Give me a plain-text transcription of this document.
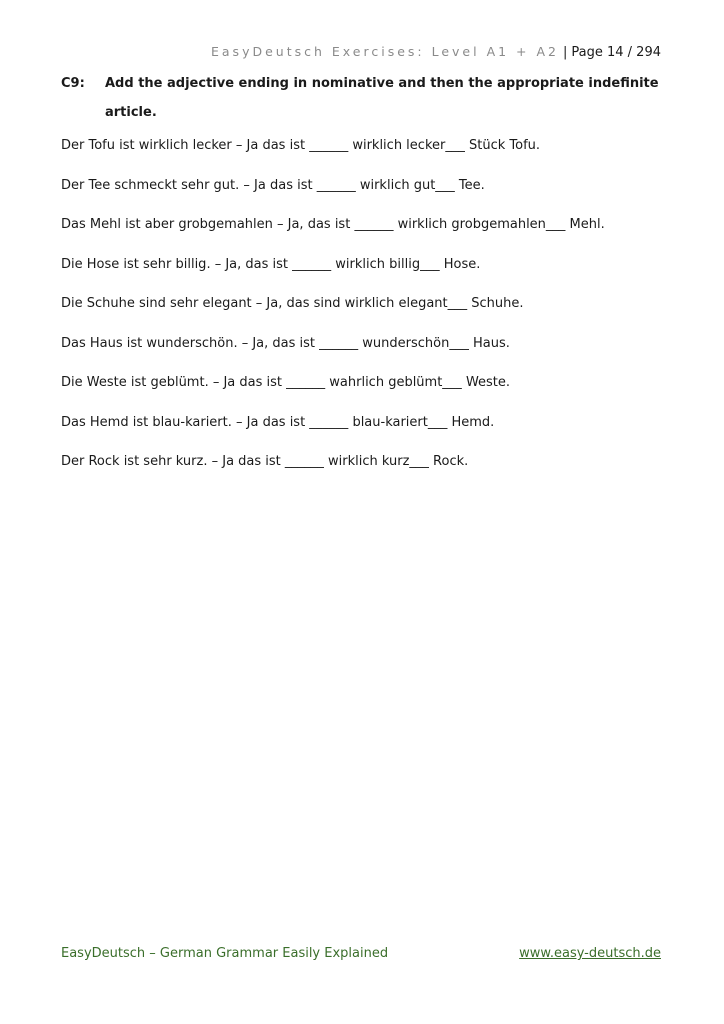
EasyDeutsch Exercises: Level A1 + A2 | Page 14 / 294
C9: Add the adjective ending in nominative and then the appropriate indefinite
article.
Der Tofu ist wirklich lecker – Ja das ist ______ wirklich lecker___ Stück Tofu.
Der Tee schmeckt sehr gut. – Ja das ist ______ wirklich gut___ Tee.
Das Mehl ist aber grobgemahlen – Ja, das ist ______ wirklich grobgemahlen___ Mehl.
Die Hose ist sehr billig. – Ja, das ist ______ wirklich billig___ Hose.
Die Schuhe sind sehr elegant – Ja, das sind wirklich elegant___ Schuhe.
Das Haus ist wunderschön. – Ja, das ist ______ wunderschön___ Haus.
Die Weste ist geblümt. – Ja das ist ______ wahrlich geblümt___ Weste.
Das Hemd ist blau-kariert. – Ja das ist ______ blau-kariert___ Hemd.
Der Rock ist sehr kurz. – Ja das ist ______ wirklich kurz___ Rock.
EasyDeutsch – German Grammar Easily Explained	www.easy-deutsch.de
